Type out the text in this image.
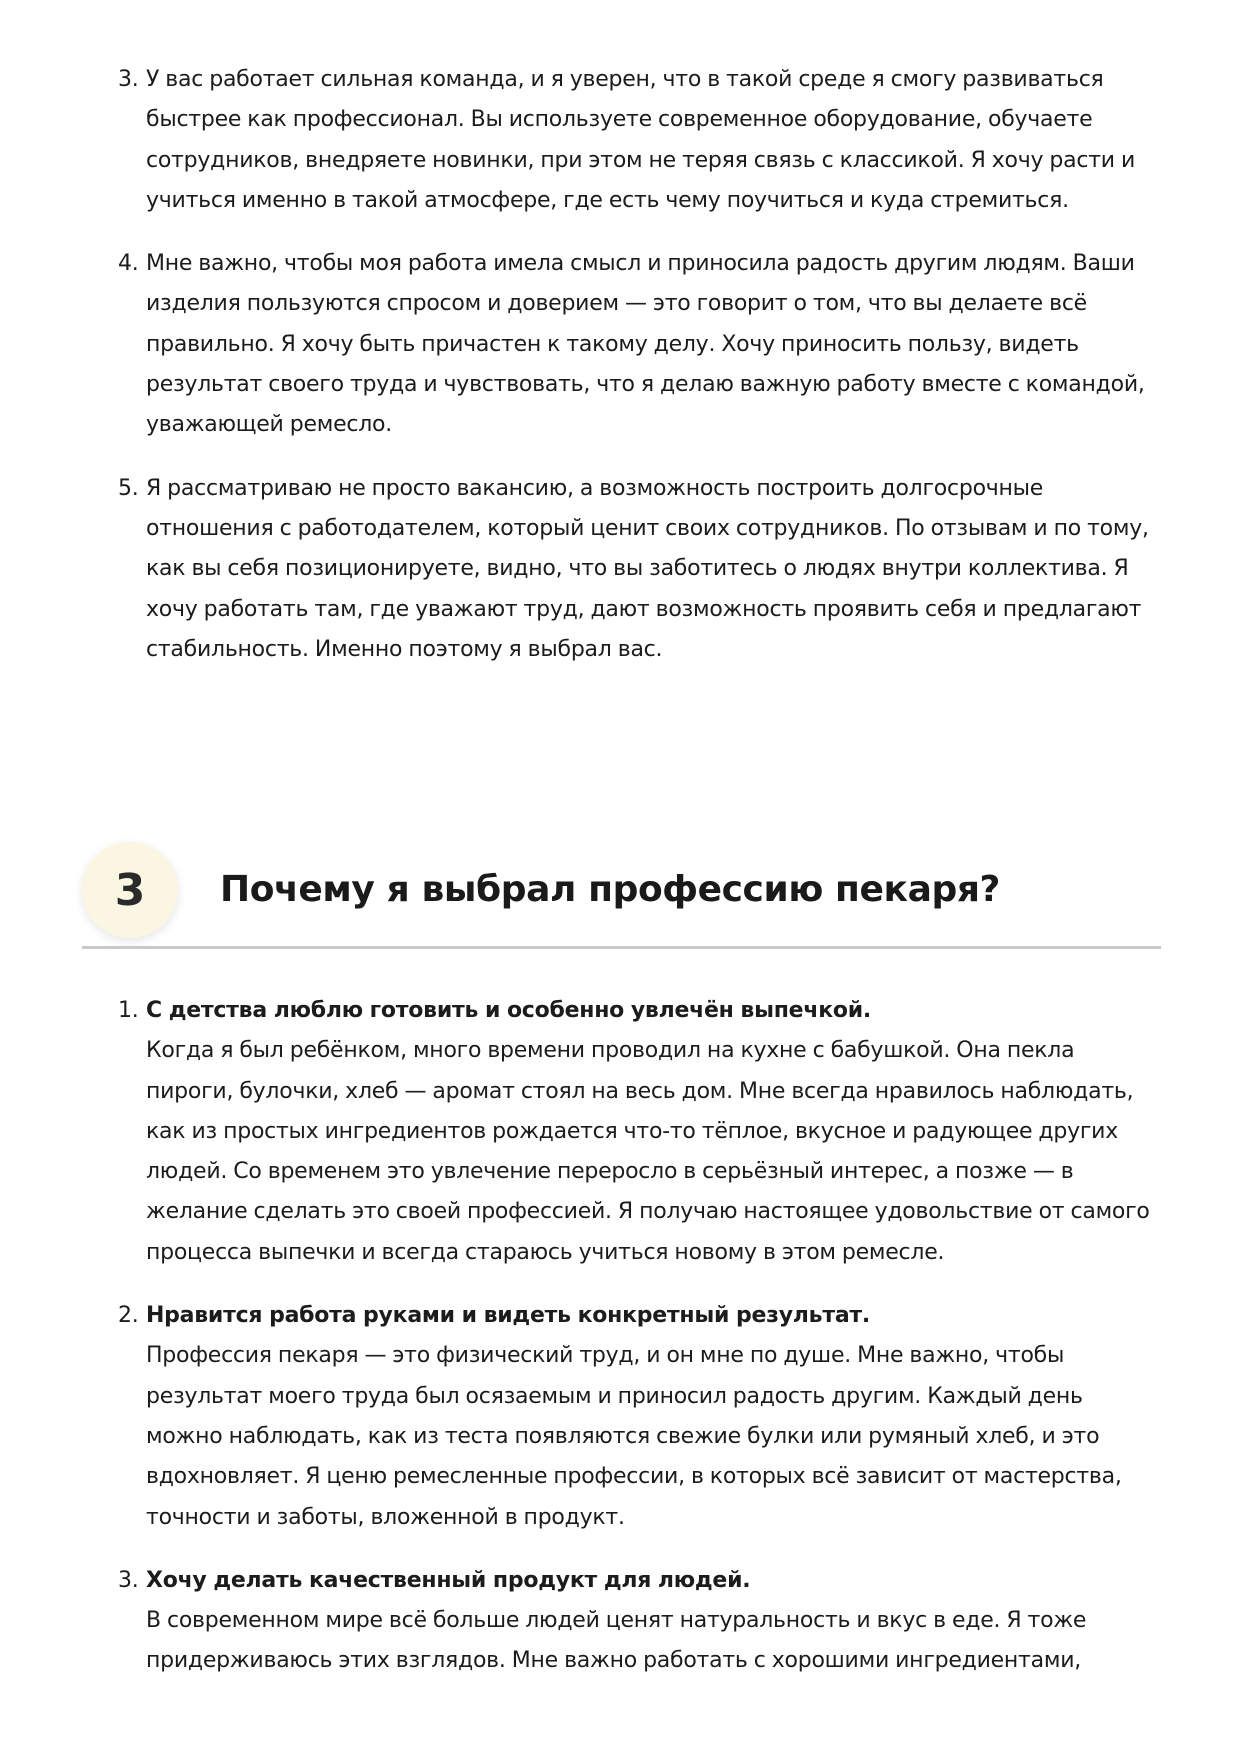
3. У вас работает сильная команда, и я уверен, что в такой среде я смогу развиваться быстрее как профессионал. Вы используете современное оборудование, обучаете сотрудников, внедряете новинки, при этом не теряя связь с классикой. Я хочу расти и учиться именно в такой атмосфере, где есть чему поучиться и куда стремиться.
4. Мне важно, чтобы моя работа имела смысл и приносила радость другим людям. Ваши изделия пользуются спросом и доверием — это говорит о том, что вы делаете всё правильно. Я хочу быть причастен к такому делу. Хочу приносить пользу, видеть результат своего труда и чувствовать, что я делаю важную работу вместе с командой, уважающей ремесло.
5. Я рассматриваю не просто вакансию, а возможность построить долгосрочные отношения с работодателем, который ценит своих сотрудников. По отзывам и по тому, как вы себя позиционируете, видно, что вы заботитесь о людях внутри коллектива. Я хочу работать там, где уважают труд, дают возможность проявить себя и предлагают стабильность. Именно поэтому я выбрал вас.
3	Почему я выбрал профессию пекаря?
1. С детства люблю готовить и особенно увлечён выпечкой.
Когда я был ребёнком, много времени проводил на кухне с бабушкой. Она пекла пироги, булочки, хлеб — аромат стоял на весь дом. Мне всегда нравилось наблюдать, как из простых ингредиентов рождается что-то тёплое, вкусное и радующее других людей. Со временем это увлечение переросло в серьёзный интерес, а позже — в желание сделать это своей профессией. Я получаю настоящее удовольствие от самого процесса выпечки и всегда стараюсь учиться новому в этом ремесле.
2. Нравится работа руками и видеть конкретный результат.
Профессия пекаря — это физический труд, и он мне по душе. Мне важно, чтобы результат моего труда был осязаемым и приносил радость другим. Каждый день можно наблюдать, как из теста появляются свежие булки или румяный хлеб, и это вдохновляет. Я ценю ремесленные профессии, в которых всё зависит от мастерства, точности и заботы, вложенной в продукт.
3. Хочу делать качественный продукт для людей.
В современном мире всё больше людей ценят натуральность и вкус в еде. Я тоже придерживаюсь этих взглядов. Мне важно работать с хорошими ингредиентами,
